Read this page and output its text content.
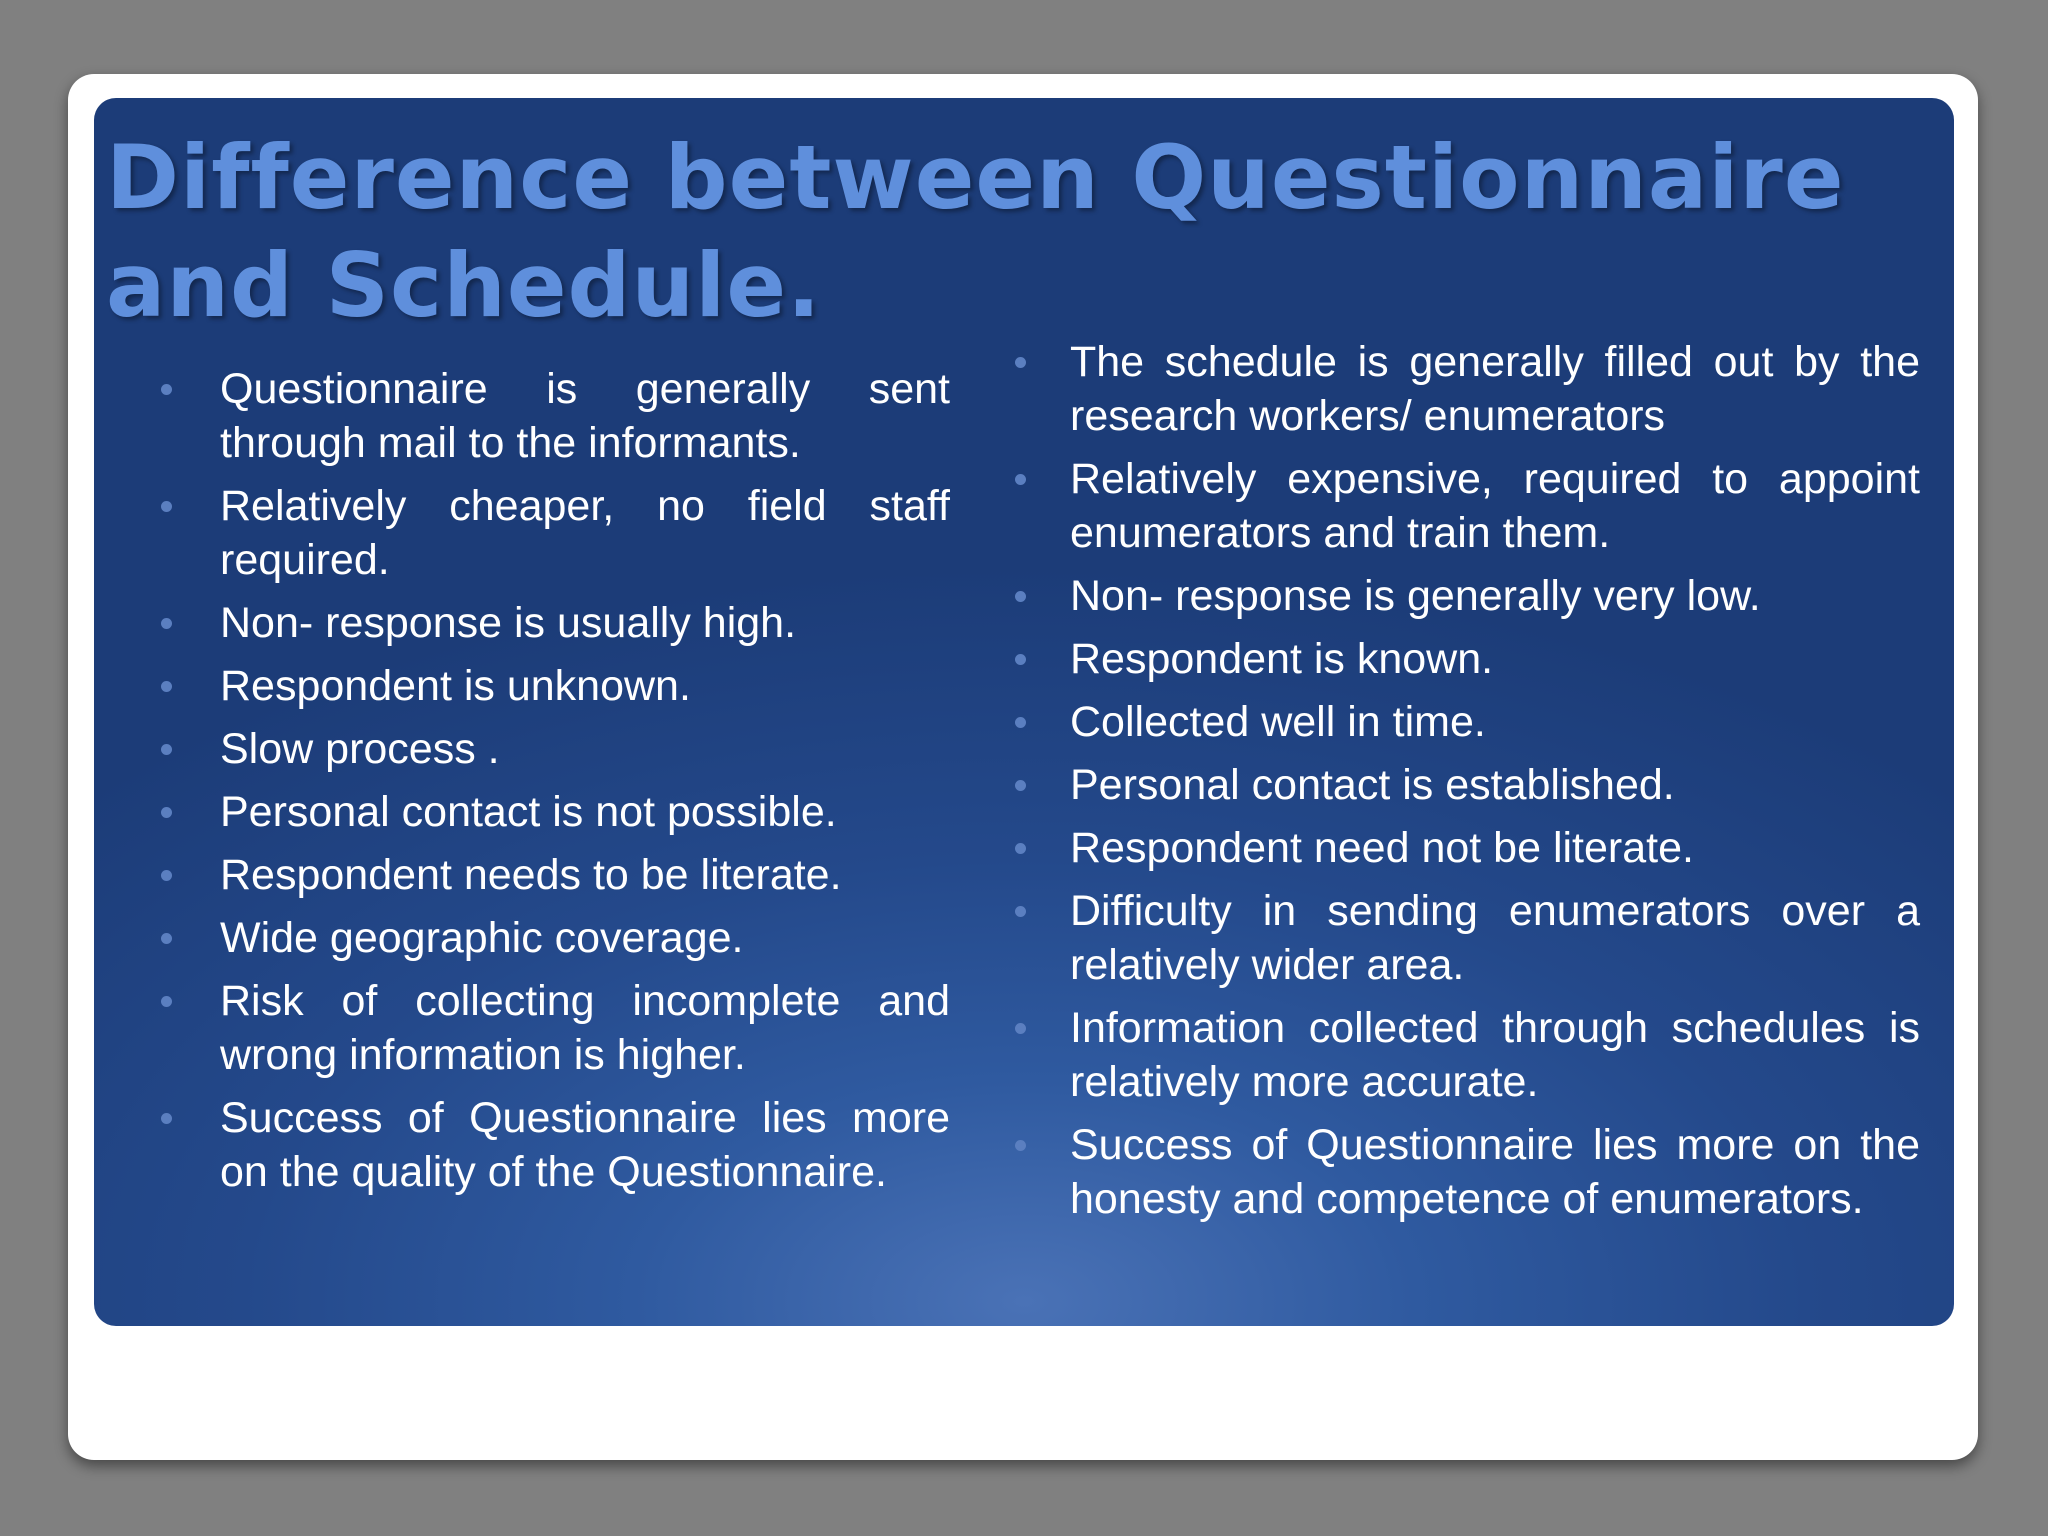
Difference between Questionnaire and Schedule.
Questionnaire is generally sent through mail to the informants.
Relatively cheaper, no field staff required.
Non- response is usually high.
Respondent is unknown.
Slow process .
Personal contact is not possible.
Respondent needs to be literate.
Wide geographic coverage.
Risk of collecting incomplete and wrong information is higher.
Success of Questionnaire lies more on the quality of the Questionnaire.
The schedule is generally filled out by the research workers/ enumerators
Relatively expensive, required to appoint enumerators and train them.
Non- response is generally very low.
Respondent is known.
Collected well in time.
Personal contact is established.
Respondent need not be literate.
Difficulty in sending enumerators over a relatively wider area.
Information collected through schedules is relatively more accurate.
Success of Questionnaire lies more on the honesty and competence of enumerators.
